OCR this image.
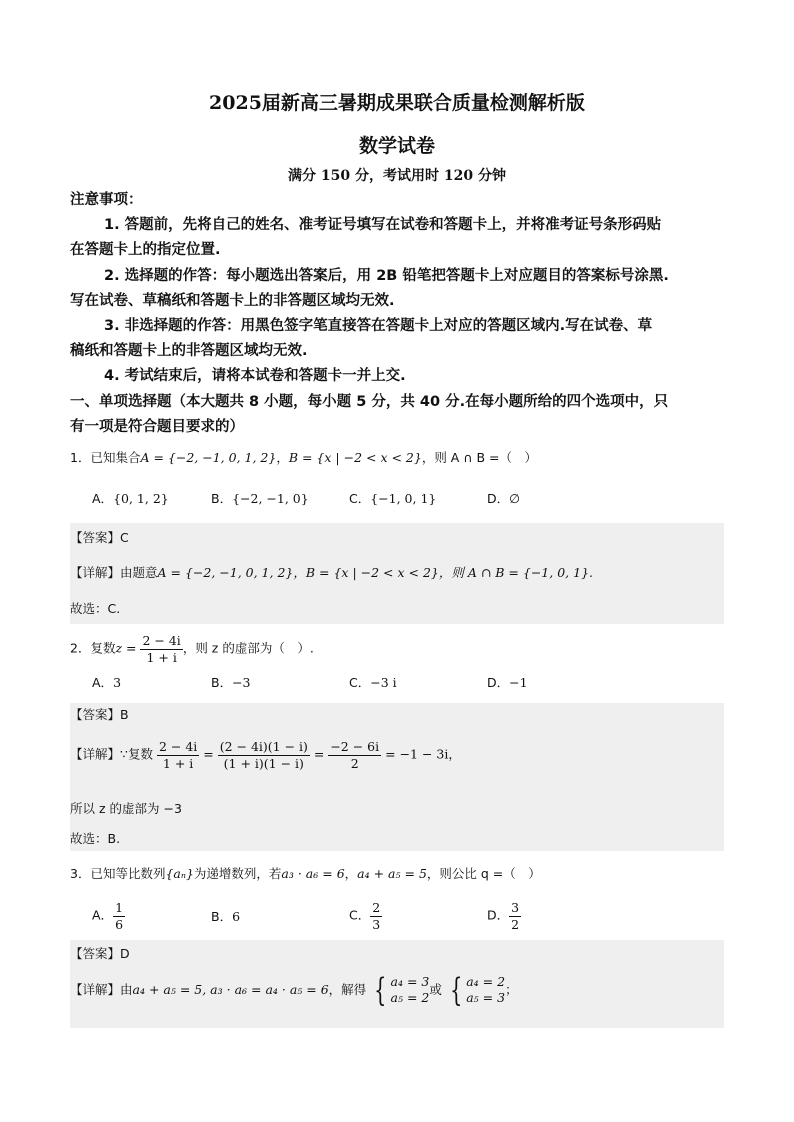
2025届新高三暑期成果联合质量检测解析版
数学试卷
满分 150 分，考试用时 120 分钟
注意事项：
1. 答题前，先将自己的姓名、准考证号填写在试卷和答题卡上，并将准考证号条形码贴
在答题卡上的指定位置.
2. 选择题的作答：每小题选出答案后，用 2B 铅笔把答题卡上对应题目的答案标号涂黑.
写在试卷、草稿纸和答题卡上的非答题区域均无效.
3. 非选择题的作答：用黑色签字笔直接答在答题卡上对应的答题区域内.写在试卷、草
稿纸和答题卡上的非答题区域均无效.
4. 考试结束后，请将本试卷和答题卡一并上交.
一、单项选择题（本大题共 8 小题，每小题 5 分，共 40 分.在每小题所给的四个选项中，只
有一项是符合题目要求的）
1．已知集合A = {−2, −1, 0, 1, 2}，B = {x | −2 < x < 2}，则 A ∩ B =（　）
A．{0, 1, 2}	B．{−2, −1, 0}	C．{−1, 0, 1}	D．∅
【答案】C
【详解】由题意A = {−2, −1, 0, 1, 2}，B = {x | −2 < x < 2}，则 A ∩ B = {−1, 0, 1}.
故选：C.
2．复数$z = \frac{2 - 4i}{1 + i}$ ，则 z 的虚部为（　）.
A．3	B．−3	C．−3 i	D．−1
【答案】B
【详解】∵复数 $\frac{2 - 4i}{1 + i} = \frac{(2 - 4i)(1 - i)}{(1 + i)(1 - i)} = \frac{-2 - 6i}{2} = -1 - 3i$，
所以 z 的虚部为 −3
故选：B.
3．已知等比数列{aₙ}为递增数列，若a₃ · a₆ = 6，a₄ + a₅ = 5，则公比 q =（　）
A． $\frac{1}{6}$	B．6	C． $\frac{2}{3}$	D． $\frac{3}{2}$
【答案】D
【详解】由a₄ + a₅ = 5, a₃ · a₆ = a₄ · a₅ = 6，解得 { a₄ = 3
a₅ = 2
或 { a₄ = 2
a₅ = 3
；
